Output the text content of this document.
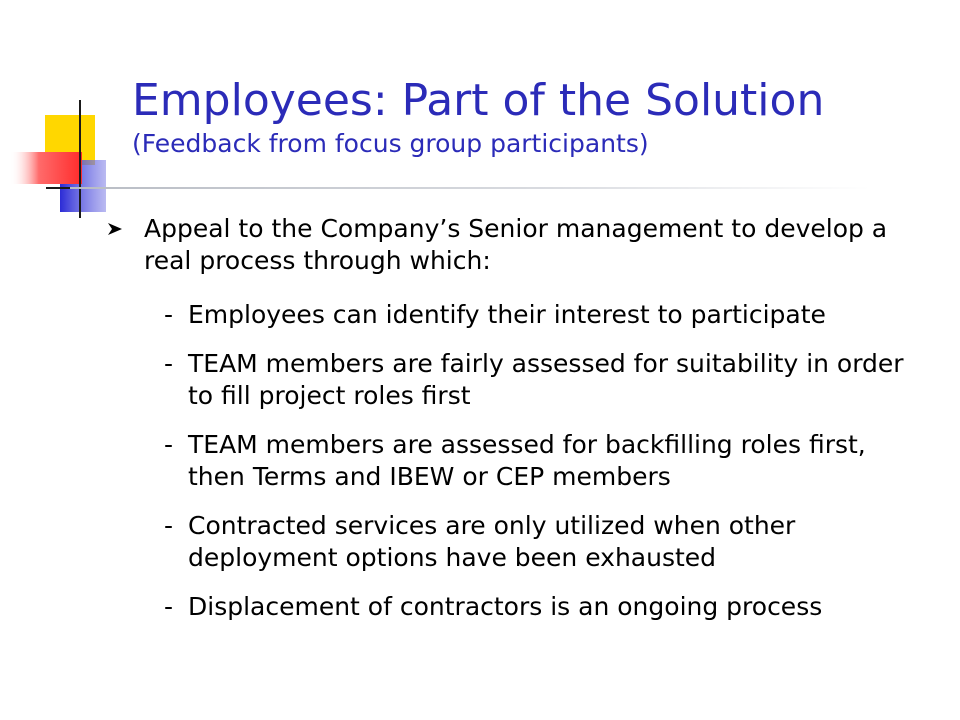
Employees: Part of the Solution
(Feedback from focus group participants)
Appeal to the Company’s Senior management to develop a real process through which:
- Employees can identify their interest to participate
- TEAM members are fairly assessed for suitability in order to fill project roles first
- TEAM members are assessed for backfilling roles first, then Terms and IBEW or CEP members
- Contracted services are only utilized when other deployment options have been exhausted
- Displacement of contractors is an ongoing process
